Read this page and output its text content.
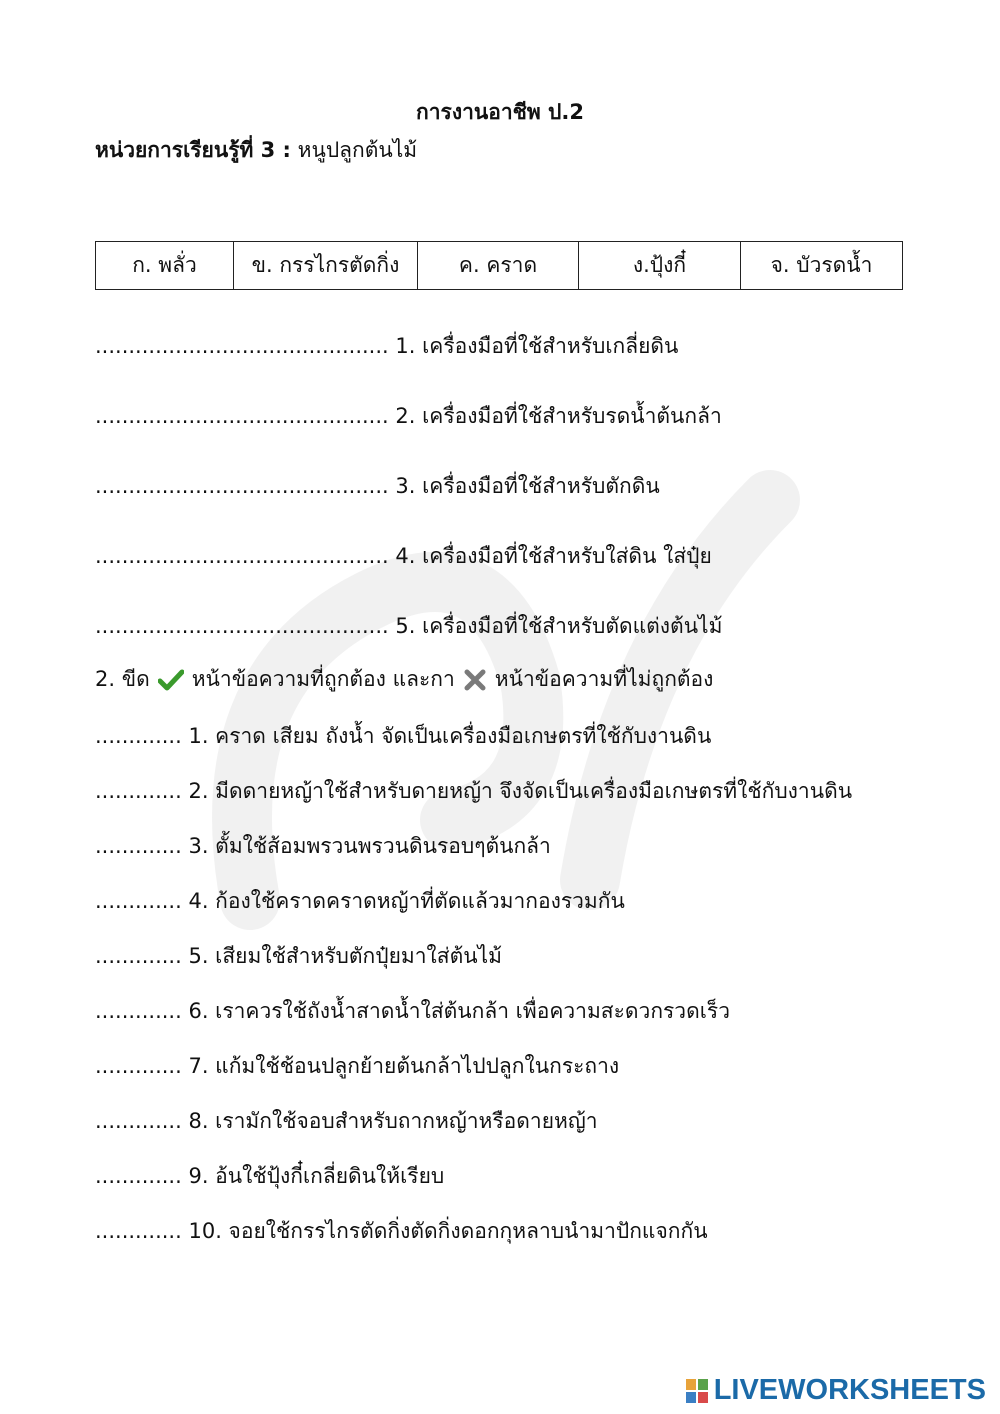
การงานอาชีพ ป.2
หน่วยการเรียนรู้ที่ 3 : หนูปลูกต้นไม้
ก. พลั่ว	ข. กรรไกรตัดกิ่ง	ค. คราด	ง.ปุ้งกี๋	จ. บัวรดน้ำ
............................................ 1. เครื่องมือที่ใช้สำหรับเกลี่ยดิน
............................................ 2. เครื่องมือที่ใช้สำหรับรดน้ำต้นกล้า
............................................ 3. เครื่องมือที่ใช้สำหรับตักดิน
............................................ 4. เครื่องมือที่ใช้สำหรับใส่ดิน ใส่ปุ๋ย
............................................ 5. เครื่องมือที่ใช้สำหรับตัดแต่งต้นไม้
2. ขีด หน้าข้อความที่ถูกต้อง และกา หน้าข้อความที่ไม่ถูกต้อง
............. 1. คราด เสียม ถังน้ำ จัดเป็นเครื่องมือเกษตรที่ใช้กับงานดิน
............. 2. มีดดายหญ้าใช้สำหรับดายหญ้า จึงจัดเป็นเครื่องมือเกษตรที่ใช้กับงานดิน
............. 3. ตั้มใช้ส้อมพรวนพรวนดินรอบๆต้นกล้า
............. 4. ก้องใช้คราดคราดหญ้าที่ตัดแล้วมากองรวมกัน
............. 5. เสียมใช้สำหรับตักปุ๋ยมาใส่ต้นไม้
............. 6. เราควรใช้ถังน้ำสาดน้ำใส่ต้นกล้า เพื่อความสะดวกรวดเร็ว
............. 7. แก้มใช้ช้อนปลูกย้ายต้นกล้าไปปลูกในกระถาง
............. 8. เรามักใช้จอบสำหรับถากหญ้าหรือดายหญ้า
............. 9. อ้นใช้ปุ้งกี๋เกลี่ยดินให้เรียบ
............. 10. จอยใช้กรรไกรตัดกิ่งตัดกิ่งดอกกุหลาบนำมาปักแจกกัน
LIVEWORKSHEETS
